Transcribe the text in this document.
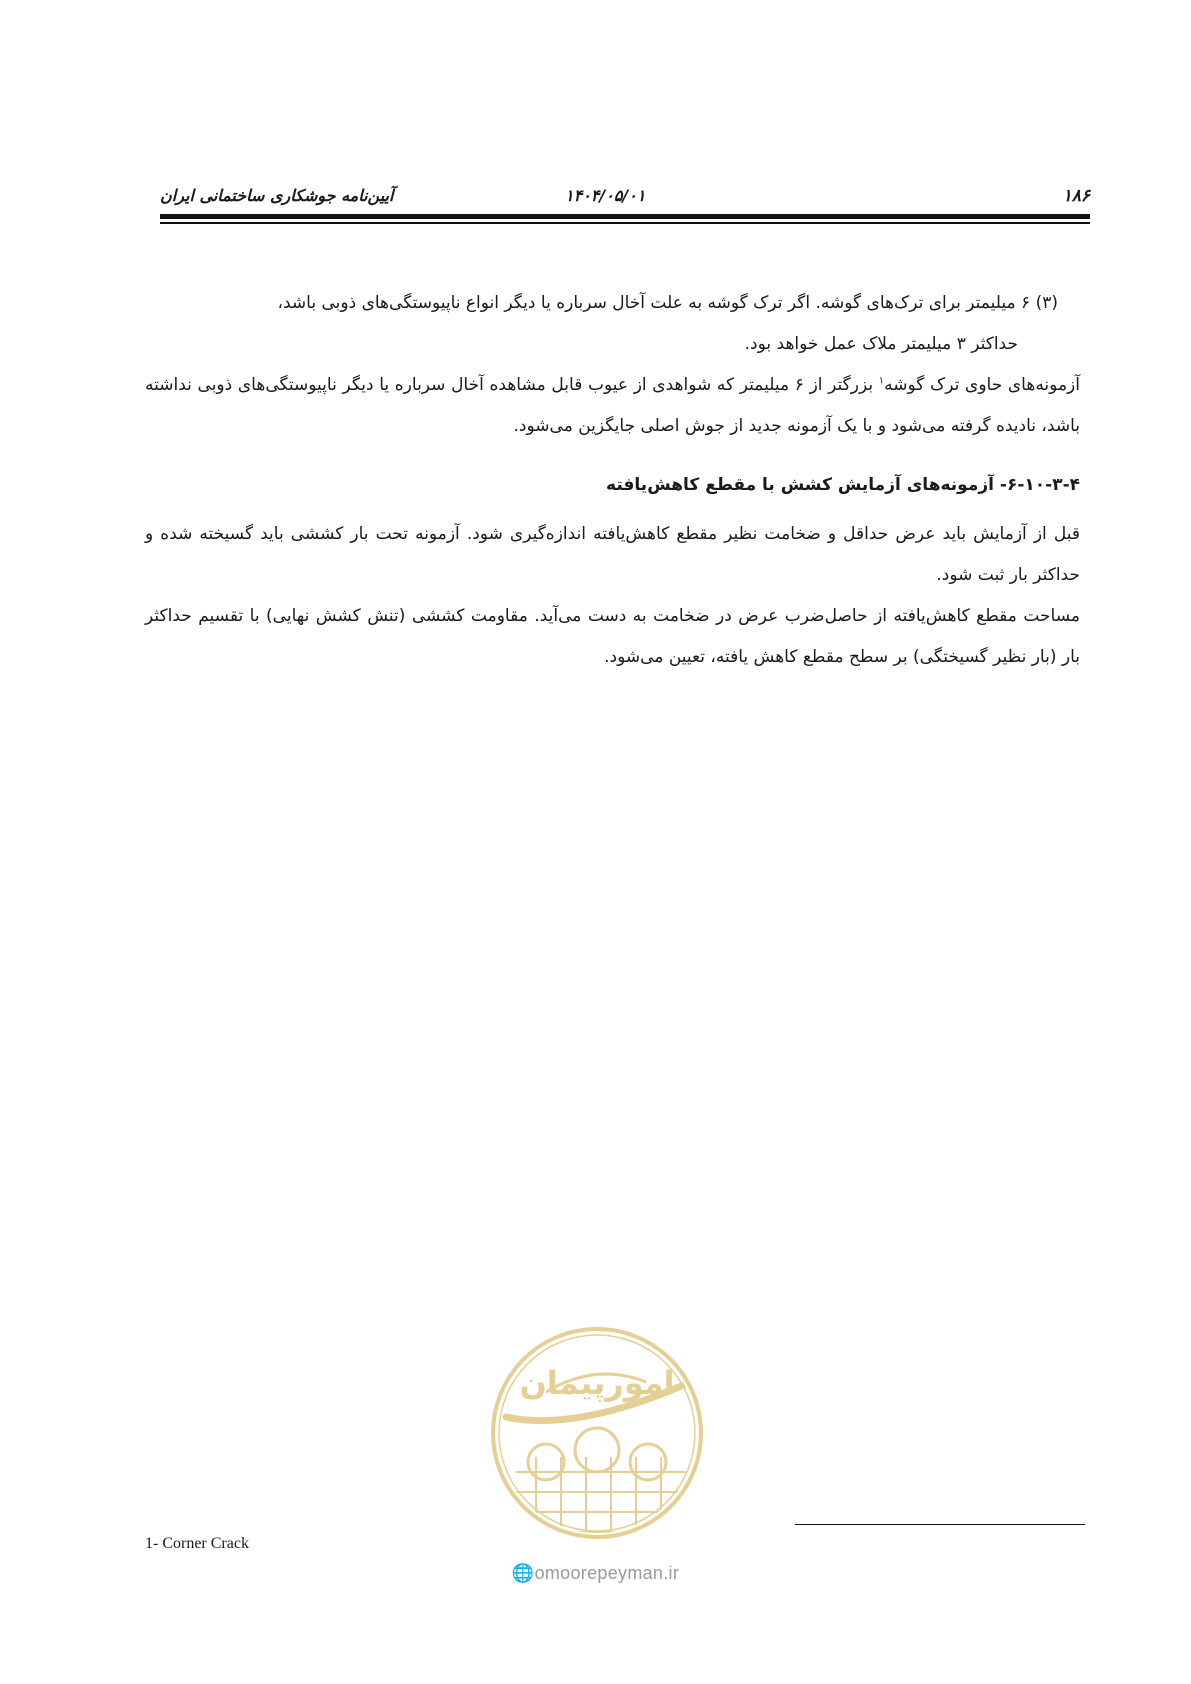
۱۸۶
۱۴۰۴/۰۵/۰۱
آیین‌نامه جوشکاری ساختمانی ایران

(۳) ۶ میلیمتر برای ترک‌های گوشه. اگر ترک گوشه به علت آخال سرباره یا دیگر انواع ناپیوستگی‌های ذوبی باشد،

حداکثر ۳ میلیمتر ملاک عمل خواهد بود.

آزمونه‌های حاوی ترک گوشه$^۱$ بزرگتر از ۶ میلیمتر که شواهدی از عیوب قابل مشاهده آخال سرباره یا دیگر ناپیوستگی‌های ذوبی نداشته باشد، نادیده گرفته می‌شود و با یک آزمونه جدید از جوش اصلی جایگزین می‌شود.

۶-۱۰-۳-۴- آزمونه‌های آزمایش کشش با مقطع کاهش‌یافته

قبل از آزمایش باید عرض حداقل و ضخامت نظیر مقطع کاهش‌یافته اندازه‌گیری شود. آزمونه تحت بار کششی باید گسیخته شده و حداکثر بار ثبت شود.

مساحت مقطع کاهش‌یافته از حاصل‌ضرب عرض در ضخامت به دست می‌آید. مقاومت کششی (تنش کشش نهایی) با تقسیم حداکثر بار (بار نظیر گسیختگی) بر سطح مقطع کاهش یافته، تعیین می‌شود.

امورپیمان
🌐omoorepeyman.ir
1- Corner Crack
